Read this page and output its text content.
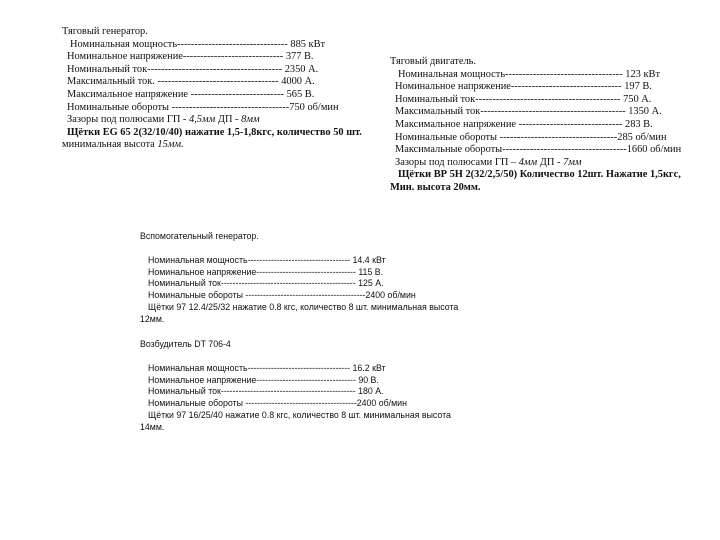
Тяговый генератор.
Номинальная мощность-------------------------------- 885 кВт
Номинальное напряжение----------------------------- 377 В.
Номинальный ток--------------------------------------- 2350 А.
Максимальный ток. ----------------------------------- 4000 А.
Максимальное напряжение --------------------------- 565 В.
Номинальные обороты ----------------------------------750 об/мин
Зазоры под полюсами ГП - 4,5мм ДП - 8мм
Щётки EG 65 2(32/10/40) нажатие 1,5-1,8кгс, количество 50 шт.
минимальная высота 15мм.
Тяговый двигатель.
Номинальная мощность---------------------------------- 123 кВт
Номинальное напряжение-------------------------------- 197 В.
Номинальный ток------------------------------------------ 750 А.
Максимальный ток------------------------------------------ 1350 А.
Максимальное напряжение ------------------------------ 283 В.
Номинальные обороты ----------------------------------285 об/мин
Максимальные обороты------------------------------------1660 об/мин
Зазоры под полюсами ГП – 4мм ДП - 7мм
Щётки ВР 5Н 2(32/2,5/50) Количество 12шт. Нажатие 1,5кгс,
Мин. высота 20мм.
Вспомогательный генератор.
Номинальная мощность----------------------------------- 14.4 кВт
Номинальное напряжение---------------------------------- 115 В.
Номинальный ток---------------------------------------------- 125 А.
Номинальные обороты -----------------------------------------2400 об/мин
Щётки 97 12.4/25/32 нажатие 0.8 кгс, количество 8 шт. минимальная высота
12мм.
Возбудитель DT 706-4
Номинальная мощность----------------------------------- 16.2 кВт
Номинальное напряжение---------------------------------- 90 В.
Номинальный ток---------------------------------------------- 180 А.
Номинальные обороты --------------------------------------2400 об/мин
Щётки 97 16/25/40 нажатие 0.8 кгс, количество 8 шт. минимальная высота
14мм.
